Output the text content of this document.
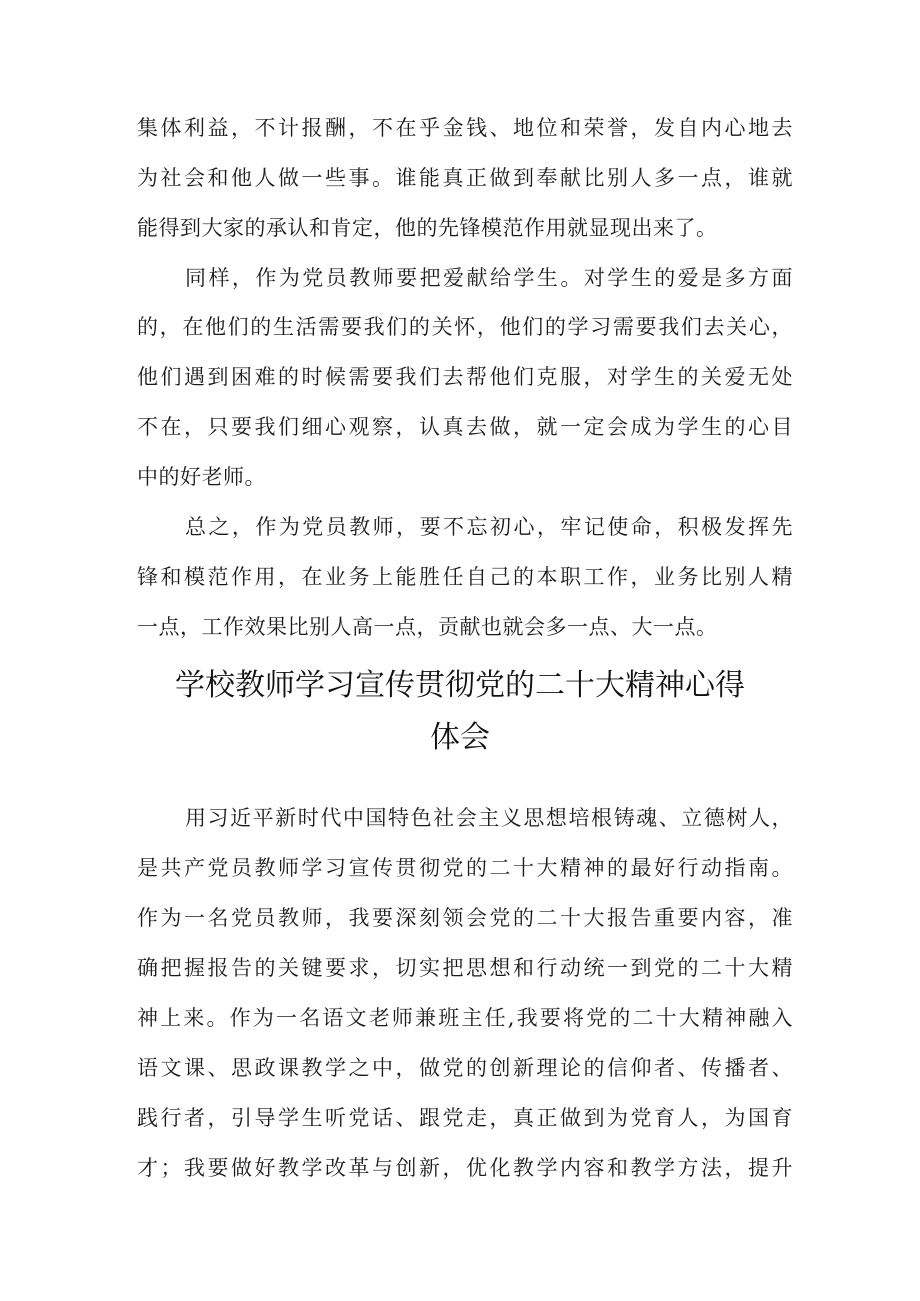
集体利益，不计报酬，不在乎金钱、地位和荣誉，发自内心地去
为社会和他人做一些事。谁能真正做到奉献比别人多一点，谁就
能得到大家的承认和肯定，他的先锋模范作用就显现出来了。
同样，作为党员教师要把爱献给学生。对学生的爱是多方面
的，在他们的生活需要我们的关怀，他们的学习需要我们去关心，
他们遇到困难的时候需要我们去帮他们克服，对学生的关爱无处
不在，只要我们细心观察，认真去做，就一定会成为学生的心目
中的好老师。
总之，作为党员教师，要不忘初心，牢记使命，积极发挥先
锋和模范作用，在业务上能胜任自己的本职工作，业务比别人精
一点，工作效果比别人高一点，贡献也就会多一点、大一点。
学校教师学习宣传贯彻党的二十大精神心得
体会
用习近平新时代中国特色社会主义思想培根铸魂、立德树人，
是共产党员教师学习宣传贯彻党的二十大精神的最好行动指南。
作为一名党员教师，我要深刻领会党的二十大报告重要内容，准
确把握报告的关键要求，切实把思想和行动统一到党的二十大精
神上来。作为一名语文老师兼班主任,我要将党的二十大精神融入
语文课、思政课教学之中，做党的创新理论的信仰者、传播者、
践行者，引导学生听党话、跟党走，真正做到为党育人，为国育
才；我要做好教学改革与创新，优化教学内容和教学方法，提升
